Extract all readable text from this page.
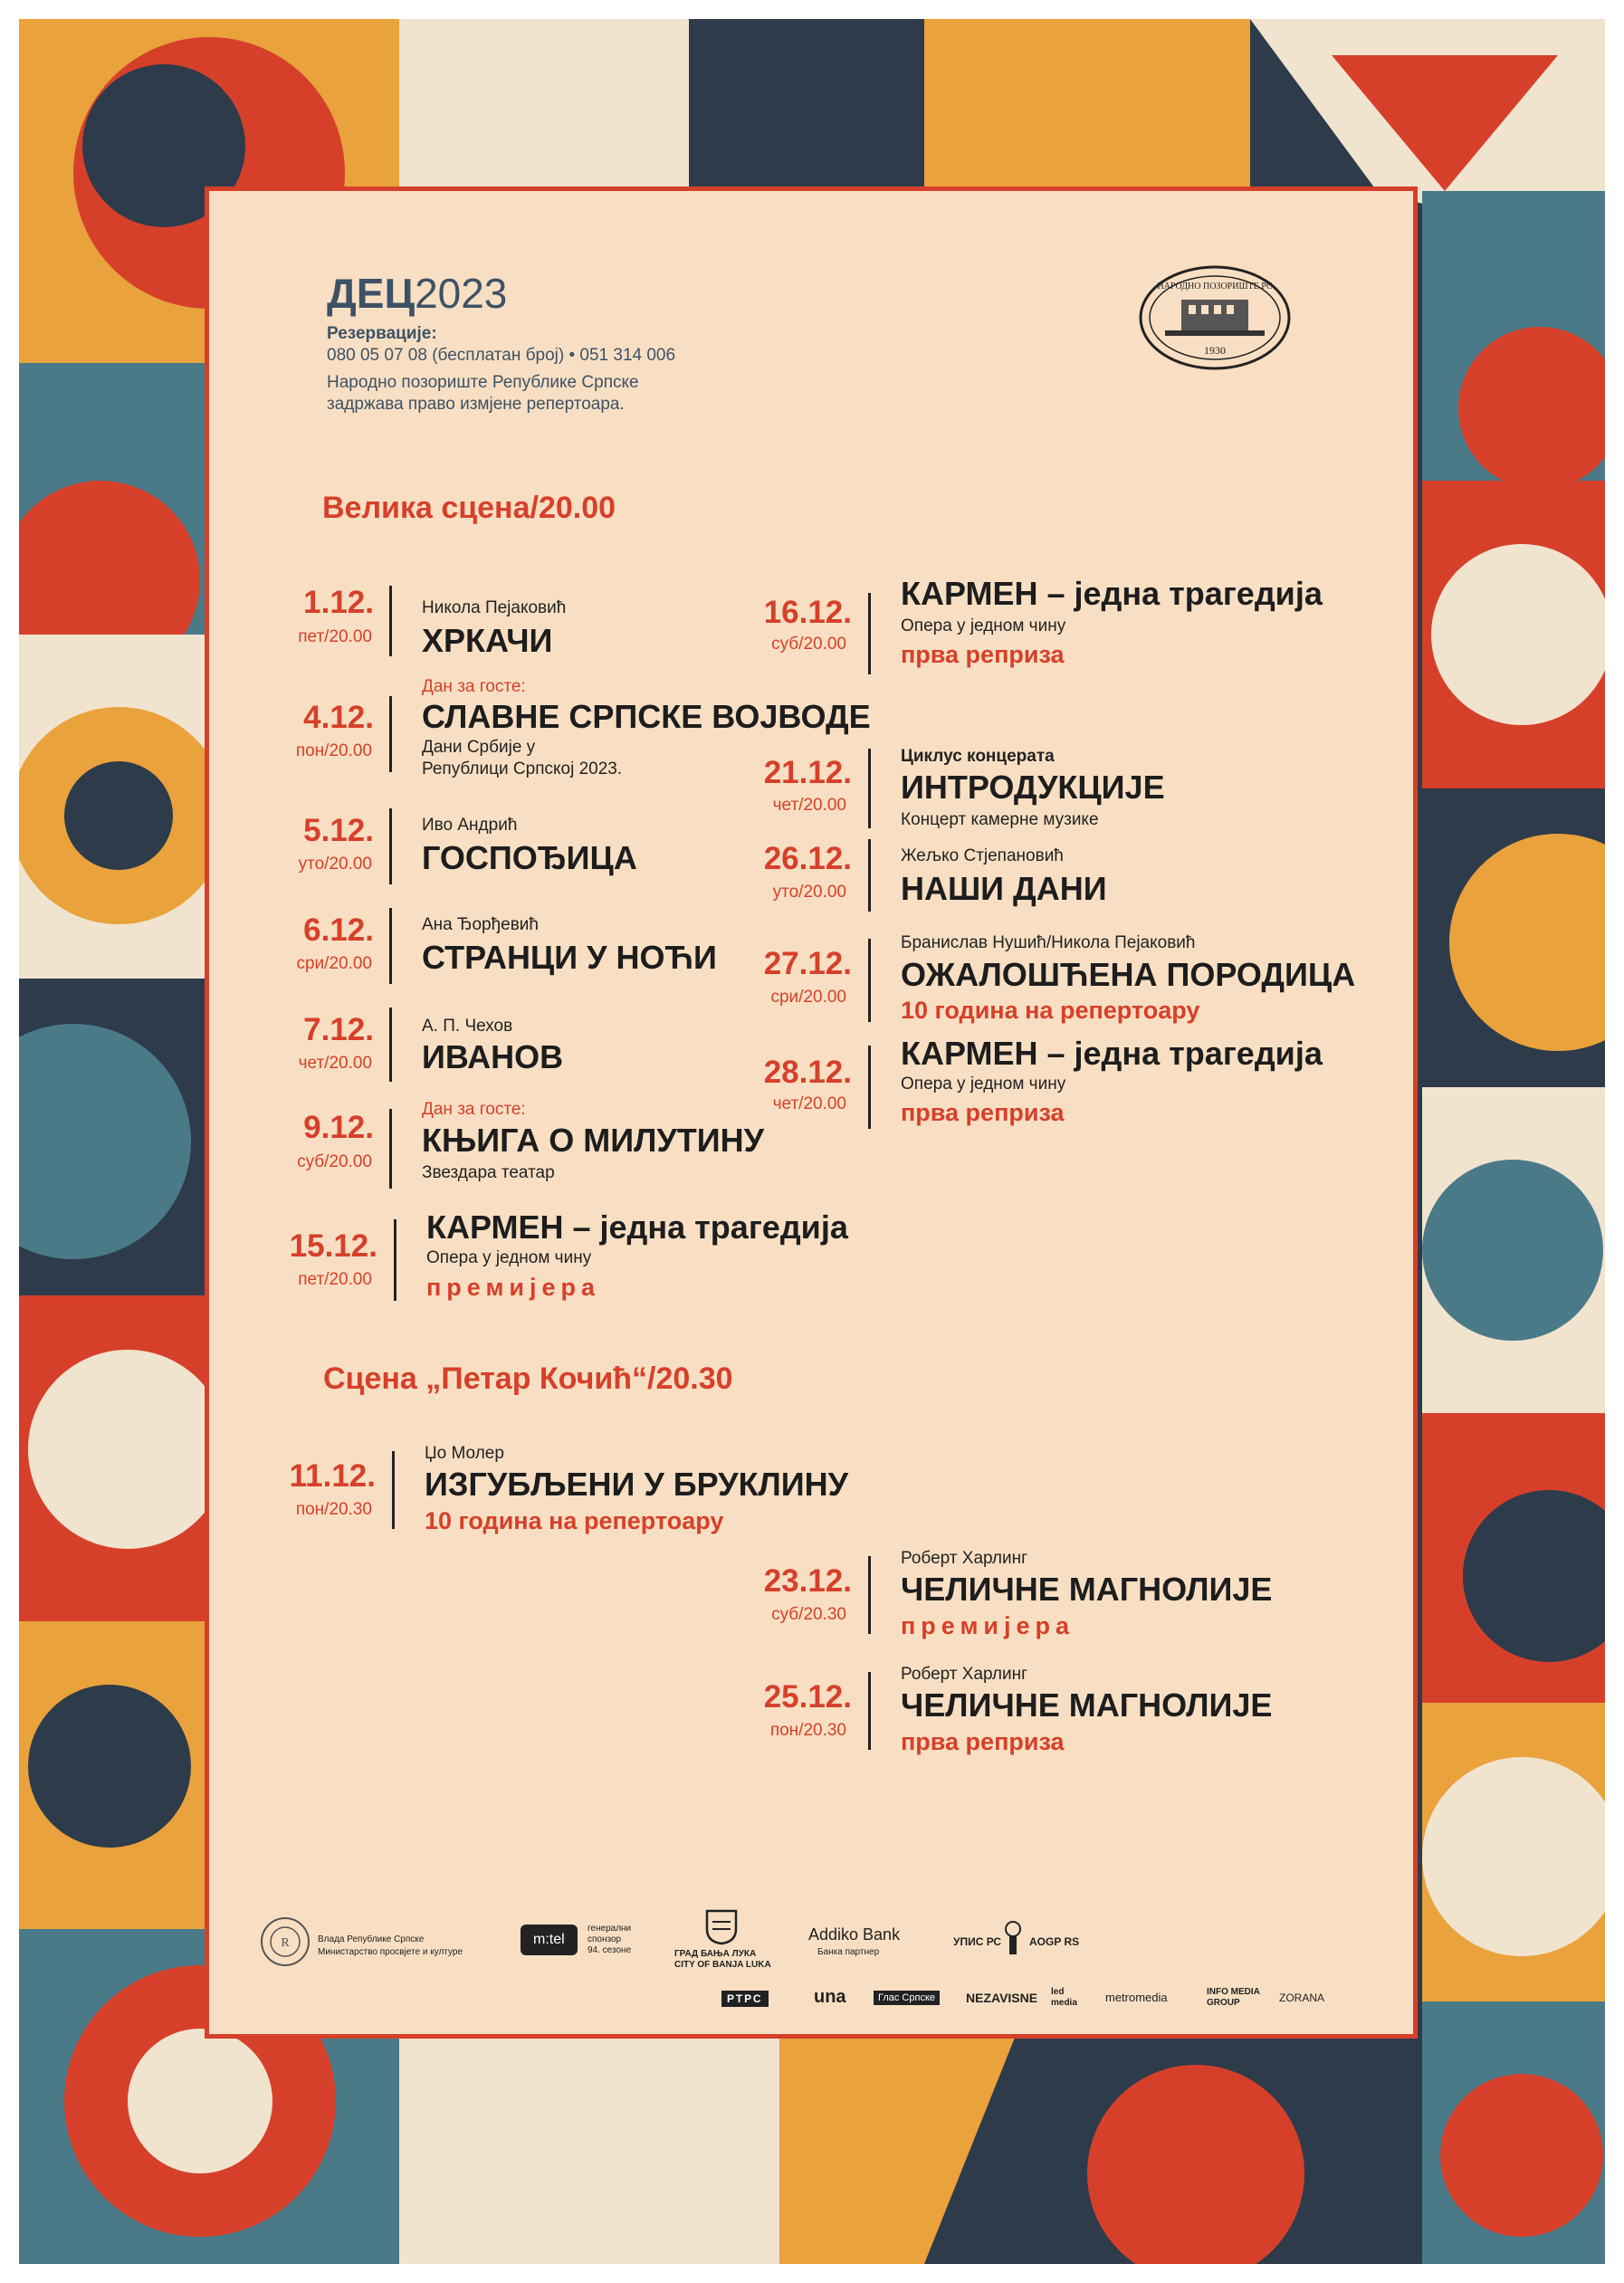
ДЕЦ2023
Резервације:
080 05 07 08 (бесплатан број) • 051 314 006
Народно позориште Републике Српске
задржава право измјене репертоара.
НАРОДНО ПОЗОРИШТЕ РС
1930
Велика сцена/20.00
1.12.
пет/20.00
Никола Пејаковић
ХРКАЧИ
Дан за госте:
4.12.
пон/20.00
СЛАВНЕ СРПСКЕ ВОЈВОДЕ
Дани Србије у
Републици Српској 2023.
5.12.
уто/20.00
Иво Андрић
ГОСПОЂИЦА
6.12.
сри/20.00
Ана Ђорђевић
СТРАНЦИ У НОЋИ
7.12.
чет/20.00
А. П. Чехов
ИВАНОВ
Дан за госте:
9.12.
суб/20.00
КЊИГА О МИЛУТИНУ
Звездара театар
15.12.
пет/20.00
КАРМЕН – једна трагедија
Опера у једном чину
премијера
16.12.
суб/20.00
КАРМЕН – једна трагедија
Опера у једном чину
прва реприза
21.12.
чет/20.00
Циклус концерата
ИНТРОДУКЦИЈЕ
Концерт камерне музике
26.12.
уто/20.00
Жељко Стјепановић
НАШИ ДАНИ
27.12.
сри/20.00
Бранислав Нушић/Никола Пејаковић
ОЖАЛОШЋЕНА ПОРОДИЦА
10 година на репертоару
28.12.
чет/20.00
КАРМЕН – једна трагедија
Опера у једном чину
прва реприза
Сцена „Петар Кочић“/20.30
11.12.
пон/20.30
Џо Молер
ИЗГУБЉЕНИ У БРУКЛИНУ
10 година на репертоару
23.12.
суб/20.30
Роберт Харлинг
ЧЕЛИЧНЕ МАГНОЛИЈЕ
премијера
25.12.
пон/20.30
Роберт Харлинг
ЧЕЛИЧНЕ МАГНОЛИЈЕ
прва реприза
R	Влада Републике Српске
Министарство просвјете и културе
m:tel
генерални
спонзор
94. сезоне	ГРАД БАЊА ЛУКА
CITY OF BANJA LUKA
Addiko Bank
Банка партнер
УПИС РС	AOGP RS
РТРС	una	Глас Српске	NEZAVISNE led media	metromedia	INFO MEDIA GROUP	ZORANA
